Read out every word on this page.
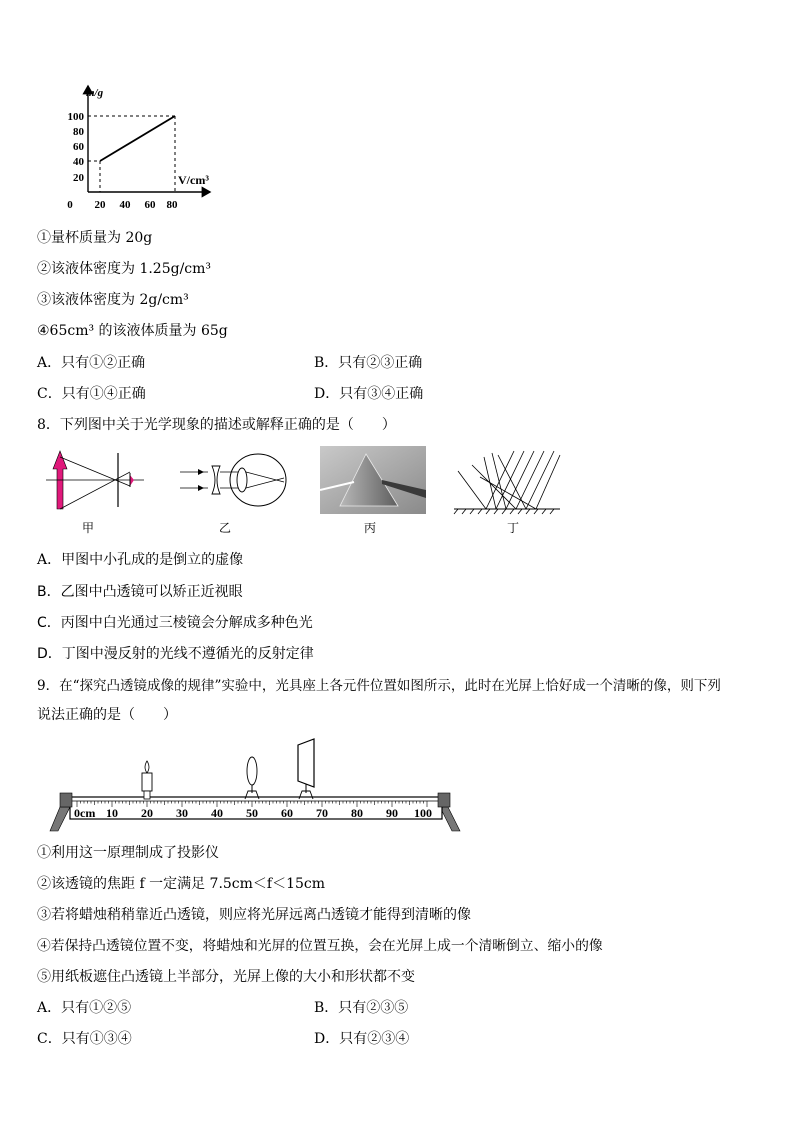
m/g
V/cm³
100
80
60
40
20
0 20 40 60 80
①量杯质量为 20g
②该液体密度为 1.25g/cm³
③该液体密度为 2g/cm³
④65cm³ 的该液体质量为 65g
A．只有①②正确	B．只有②③正确
C．只有①④正确	D．只有③④正确
8．下列图中关于光学现象的描述或解释正确的是（　　）
甲	乙	丙	丁
A．甲图中小孔成的是倒立的虚像
B．乙图中凸透镜可以矫正近视眼
C．丙图中白光通过三棱镜会分解成多种色光
D．丁图中漫反射的光线不遵循光的反射定律
9．在“探究凸透镜成像的规律”实验中，光具座上各元件位置如图所示，此时在光屏上恰好成一个清晰的像，则下列
说法正确的是（　　）
0cm 10 20 30 40 50 60 70 80 90 100
①利用这一原理制成了投影仪
②该透镜的焦距 f 一定满足 7.5cm＜f＜15cm
③若将蜡烛稍稍靠近凸透镜，则应将光屏远离凸透镜才能得到清晰的像
④若保持凸透镜位置不变，将蜡烛和光屏的位置互换，会在光屏上成一个清晰倒立、缩小的像
⑤用纸板遮住凸透镜上半部分，光屏上像的大小和形状都不变
A．只有①②⑤	B．只有②③⑤
C．只有①③④	D．只有②③④
